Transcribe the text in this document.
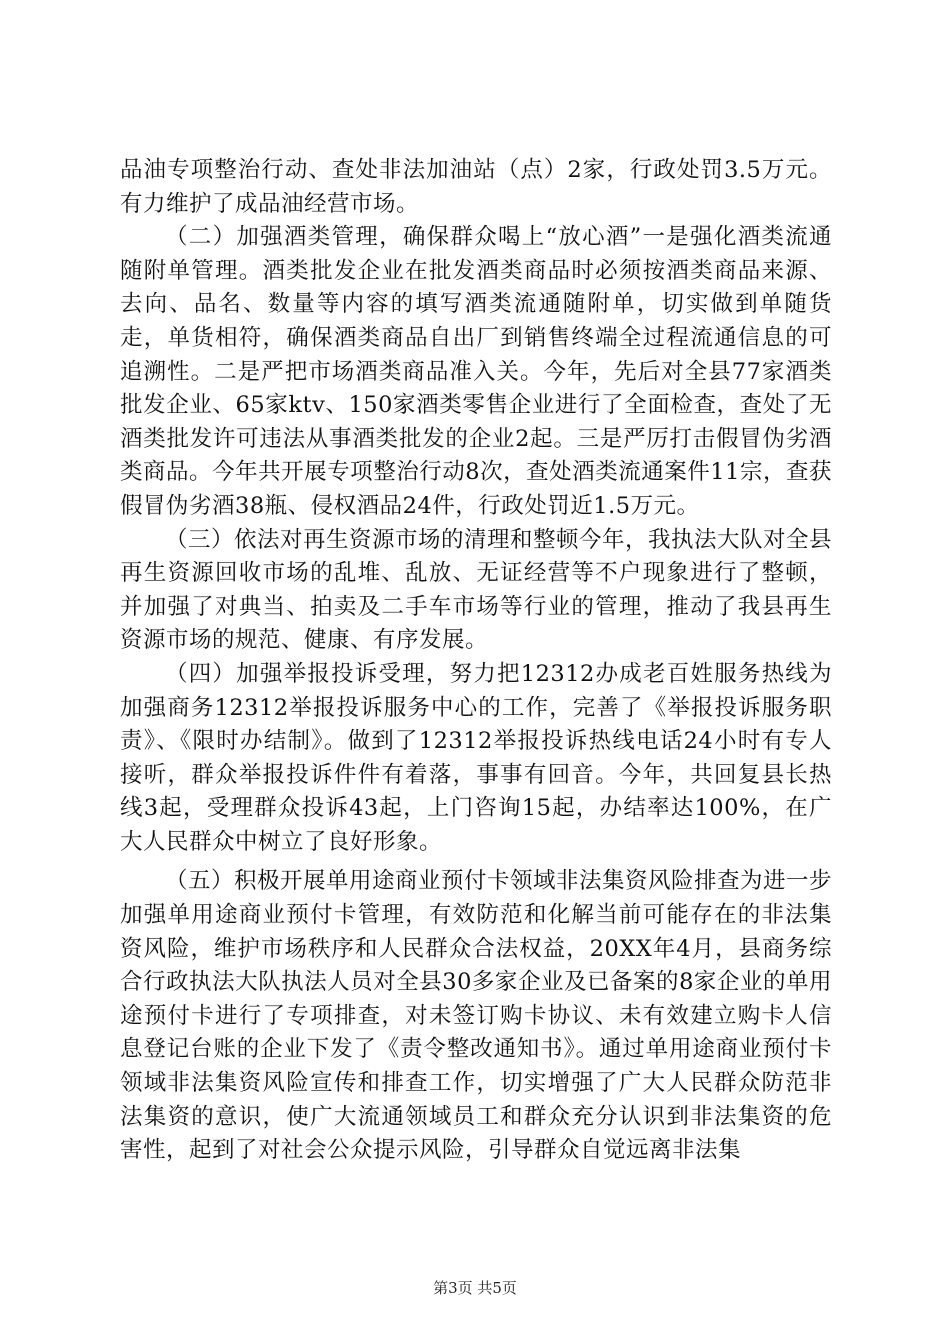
品油专项整治行动、查处非法加油站（点）2家，行政处罚3.5万元。有力维护了成品油经营市场。

（二）加强酒类管理，确保群众喝上“放心酒”一是强化酒类流通随附单管理。酒类批发企业在批发酒类商品时必须按酒类商品来源、去向、品名、数量等内容的填写酒类流通随附单，切实做到单随货走，单货相符，确保酒类商品自出厂到销售终端全过程流通信息的可追溯性。二是严把市场酒类商品准入关。今年，先后对全县77家酒类批发企业、65家ktv、150家酒类零售企业进行了全面检查，查处了无酒类批发许可违法从事酒类批发的企业2起。三是严厉打击假冒伪劣酒类商品。今年共开展专项整治行动8次，查处酒类流通案件11宗，查获假冒伪劣酒38瓶、侵权酒品24件，行政处罚近1.5万元。

（三）依法对再生资源市场的清理和整顿今年，我执法大队对全县再生资源回收市场的乱堆、乱放、无证经营等不户现象进行了整顿，并加强了对典当、拍卖及二手车市场等行业的管理，推动了我县再生资源市场的规范、健康、有序发展。

（四）加强举报投诉受理，努力把12312办成老百姓服务热线为加强商务12312举报投诉服务中心的工作，完善了《举报投诉服务职责》、《限时办结制》。做到了12312举报投诉热线电话24小时有专人接听，群众举报投诉件件有着落，事事有回音。今年，共回复县长热线3起，受理群众投诉43起，上门咨询15起，办结率达100%，在广大人民群众中树立了良好形象。

（五）积极开展单用途商业预付卡领域非法集资风险排查为进一步加强单用途商业预付卡管理，有效防范和化解当前可能存在的非法集资风险，维护市场秩序和人民群众合法权益，20XX年4月，县商务综合行政执法大队执法人员对全县30多家企业及已备案的8家企业的单用途预付卡进行了专项排查，对未签订购卡协议、未有效建立购卡人信息登记台账的企业下发了《责令整改通知书》。通过单用途商业预付卡领域非法集资风险宣传和排查工作，切实增强了广大人民群众防范非法集资的意识，使广大流通领域员工和群众充分认识到非法集资的危害性，起到了对社会公众提示风险，引导群众自觉远离非法集

第3页 共5页
